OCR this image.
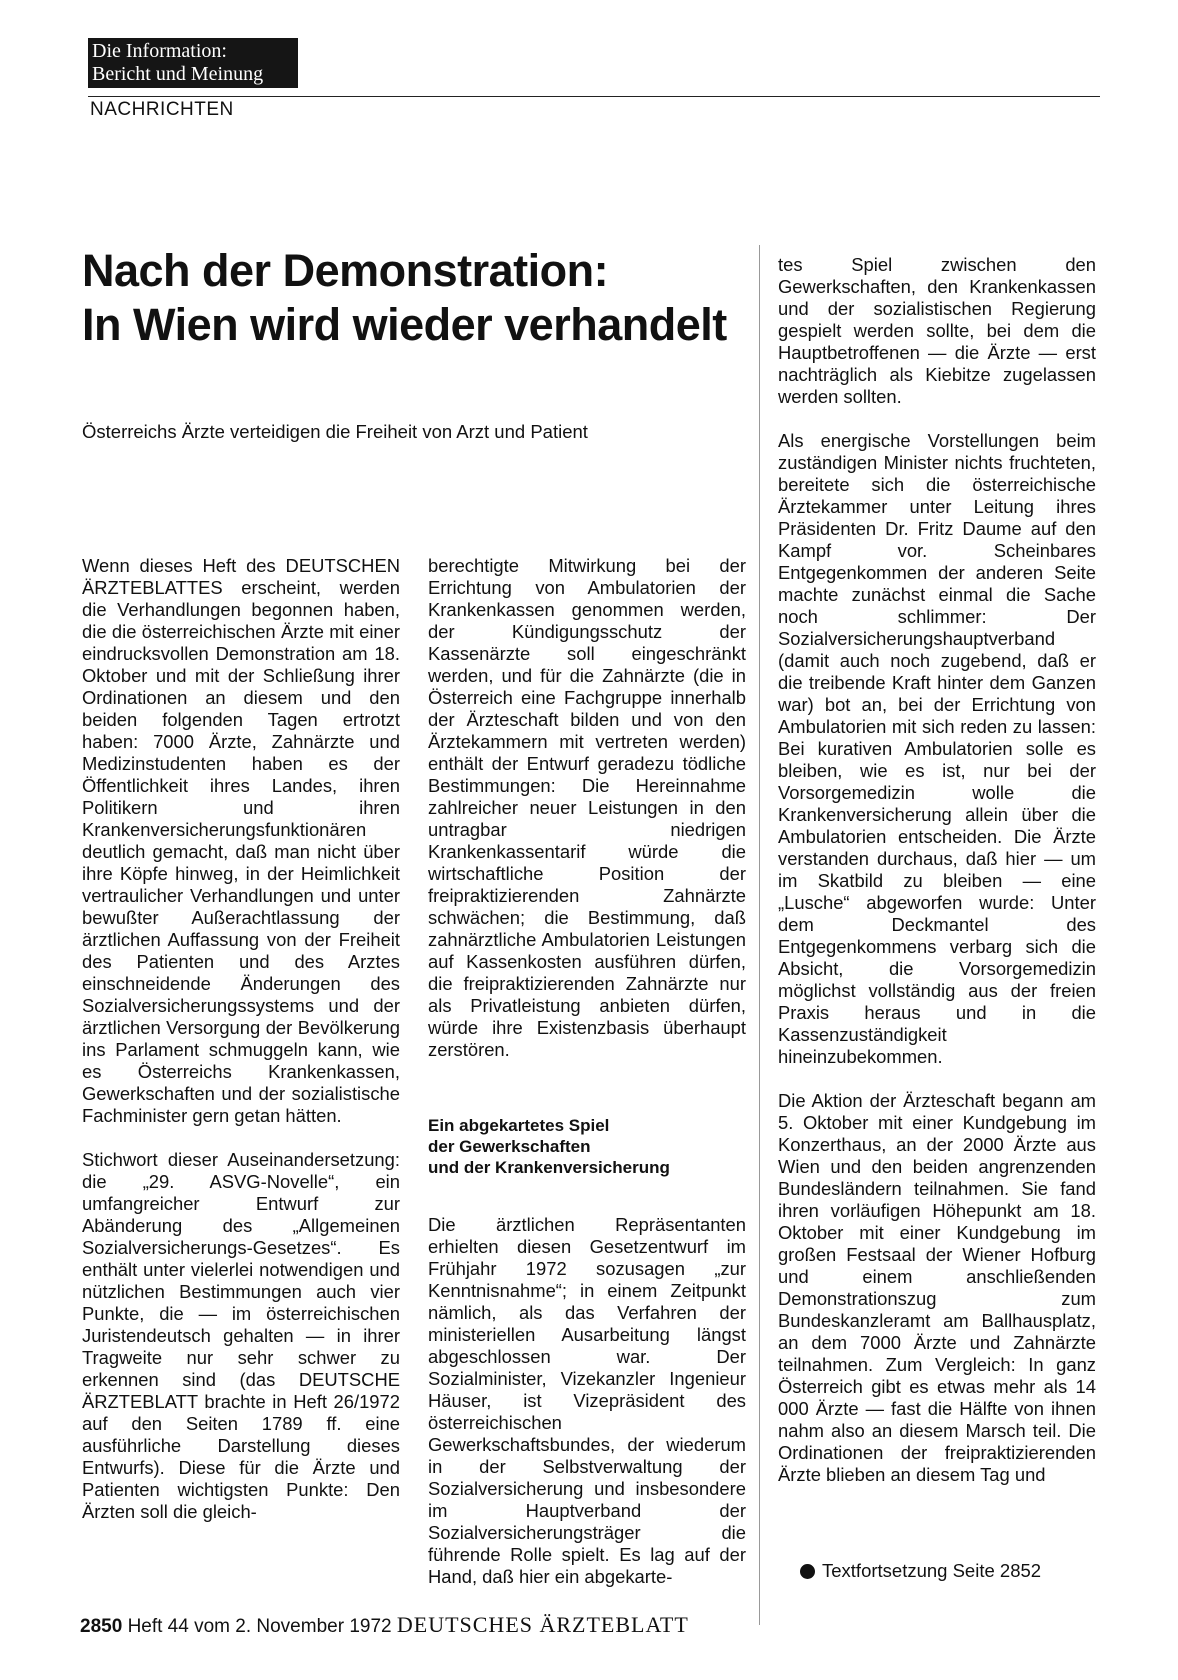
Die Information:
Bericht und Meinung
NACHRICHTEN
Nach der Demonstration:
In Wien wird wieder verhandelt
Österreichs Ärzte verteidigen die Freiheit von Arzt und Patient

Wenn dieses Heft des DEUTSCHEN ÄRZTEBLATTES erscheint, werden die Verhandlungen begonnen haben, die die österreichischen Ärzte mit einer eindrucksvollen Demonstration am 18. Oktober und mit der Schließung ihrer Ordinationen an diesem und den beiden folgenden Tagen ertrotzt haben: 7000 Ärzte, Zahnärzte und Medizinstudenten haben es der Öffentlichkeit ihres Landes, ihren Politikern und ihren Krankenversicherungsfunktionären deutlich gemacht, daß man nicht über ihre Köpfe hinweg, in der Heimlichkeit vertraulicher Verhandlungen und unter bewußter Außerachtlassung der ärztlichen Auffassung von der Freiheit des Patienten und des Arztes einschneidende Änderungen des Sozialversicherungssystems und der ärztlichen Versorgung der Bevölkerung ins Parlament schmuggeln kann, wie es Österreichs Krankenkassen, Gewerkschaften und der sozialistische Fachminister gern getan hätten.

Stichwort dieser Auseinandersetzung: die „29. ASVG-Novelle“, ein umfangreicher Entwurf zur Abänderung des „Allgemeinen Sozialversicherungs-Gesetzes“. Es enthält unter vielerlei notwendigen und nützlichen Bestimmungen auch vier Punkte, die — im österreichischen Juristendeutsch gehalten — in ihrer Tragweite nur sehr schwer zu erkennen sind (das DEUTSCHE ÄRZTEBLATT brachte in Heft 26/1972 auf den Seiten 1789 ff. eine ausführliche Darstellung dieses Entwurfs). Diese für die Ärzte und Patienten wichtigsten Punkte: Den Ärzten soll die gleich-

berechtigte Mitwirkung bei der Errichtung von Ambulatorien der Krankenkassen genommen werden, der Kündigungsschutz der Kassenärzte soll eingeschränkt werden, und für die Zahnärzte (die in Österreich eine Fachgruppe innerhalb der Ärzteschaft bilden und von den Ärztekammern mit vertreten werden) enthält der Entwurf geradezu tödliche Bestimmungen: Die Hereinnahme zahlreicher neuer Leistungen in den untragbar niedrigen Krankenkassentarif würde die wirtschaftliche Position der freipraktizierenden Zahnärzte schwächen; die Bestimmung, daß zahnärztliche Ambulatorien Leistungen auf Kassenkosten ausführen dürfen, die freipraktizierenden Zahnärzte nur als Privatleistung anbieten dürfen, würde ihre Existenzbasis überhaupt zerstören.

Ein abgekartetes Spiel
der Gewerkschaften
und der Krankenversicherung

Die ärztlichen Repräsentanten erhielten diesen Gesetzentwurf im Frühjahr 1972 sozusagen „zur Kenntnisnahme“; in einem Zeitpunkt nämlich, als das Verfahren der ministeriellen Ausarbeitung längst abgeschlossen war. Der Sozialminister, Vizekanzler Ingenieur Häuser, ist Vizepräsident des österreichischen Gewerkschaftsbundes, der wiederum in der Selbstverwaltung der Sozialversicherung und insbesondere im Hauptverband der Sozialversicherungsträger die führende Rolle spielt. Es lag auf der Hand, daß hier ein abgekarte-

tes Spiel zwischen den Gewerkschaften, den Krankenkassen und der sozialistischen Regierung gespielt werden sollte, bei dem die Hauptbetroffenen — die Ärzte — erst nachträglich als Kiebitze zugelassen werden sollten.

Als energische Vorstellungen beim zuständigen Minister nichts fruchteten, bereitete sich die österreichische Ärztekammer unter Leitung ihres Präsidenten Dr. Fritz Daume auf den Kampf vor. Scheinbares Entgegenkommen der anderen Seite machte zunächst einmal die Sache noch schlimmer: Der Sozialversicherungshauptverband (damit auch noch zugebend, daß er die treibende Kraft hinter dem Ganzen war) bot an, bei der Errichtung von Ambulatorien mit sich reden zu lassen: Bei kurativen Ambulatorien solle es bleiben, wie es ist, nur bei der Vorsorgemedizin wolle die Krankenversicherung allein über die Ambulatorien entscheiden. Die Ärzte verstanden durchaus, daß hier — um im Skatbild zu bleiben — eine „Lusche“ abgeworfen wurde: Unter dem Deckmantel des Entgegenkommens verbarg sich die Absicht, die Vorsorgemedizin möglichst vollständig aus der freien Praxis heraus und in die Kassenzuständigkeit hineinzubekommen.

Die Aktion der Ärzteschaft begann am 5. Oktober mit einer Kundgebung im Konzerthaus, an der 2000 Ärzte aus Wien und den beiden angrenzenden Bundesländern teilnahmen. Sie fand ihren vorläufigen Höhepunkt am 18. Oktober mit einer Kundgebung im großen Festsaal der Wiener Hofburg und einem anschließenden Demonstrationszug zum Bundeskanzleramt am Ballhausplatz, an dem 7000 Ärzte und Zahnärzte teilnahmen. Zum Vergleich: In ganz Österreich gibt es etwas mehr als 14 000 Ärzte — fast die Hälfte von ihnen nahm also an diesem Marsch teil. Die Ordinationen der freipraktizierenden Ärzte blieben an diesem Tag und

Textfortsetzung Seite 2852
2850 Heft 44 vom 2. November 1972 DEUTSCHES ÄRZTEBLATT
